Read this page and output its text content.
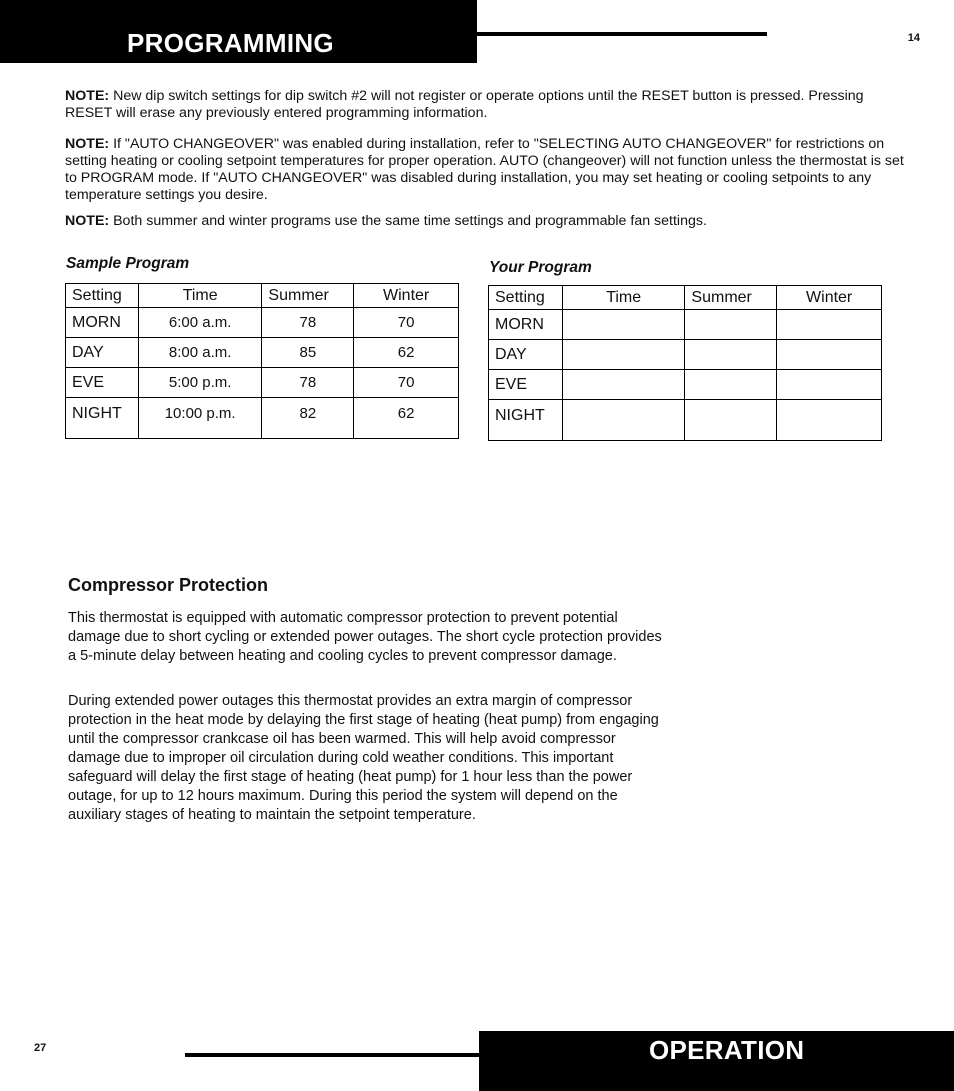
PROGRAMMING	14
NOTE: New dip switch settings for dip switch #2 will not register or operate options until the RESET button is pressed. Pressing RESET will erase any previously entered programming information.
NOTE: If "AUTO CHANGEOVER" was enabled during installation, refer to "SELECTING AUTO CHANGEOVER" for restrictions on setting heating or cooling setpoint temperatures for proper operation. AUTO (changeover) will not function unless the thermostat is set to PROGRAM mode. If "AUTO CHANGEOVER" was disabled during installation, you may set heating or cooling setpoints to any temperature settings you desire.
NOTE: Both summer and winter programs use the same time settings and programmable fan settings.
Sample Program
Setting	Time	Summer	Winter
MORN	6:00 a.m.	78	70
DAY	8:00 a.m.	85	62
EVE	5:00 p.m.	78	70
NIGHT	10:00 p.m.	82	62
Your Program
Setting	Time	Summer	Winter
MORN			
DAY			
EVE			
NIGHT			
Compressor Protection
This thermostat is equipped with automatic compressor protection to prevent potential damage due to short cycling or extended power outages. The short cycle protection provides a 5-minute delay between heating and cooling cycles to prevent compressor damage.
During extended power outages this thermostat provides an extra margin of compressor protection in the heat mode by delaying the first stage of heating (heat pump) from engaging until the compressor crankcase oil has been warmed. This will help avoid compressor damage due to improper oil circulation during cold weather conditions. This important safeguard will delay the first stage of heating (heat pump) for 1 hour less than the power outage, for up to 12 hours maximum. During this period the system will depend on the auxiliary stages of heating to maintain the setpoint temperature.
27	OPERATION
